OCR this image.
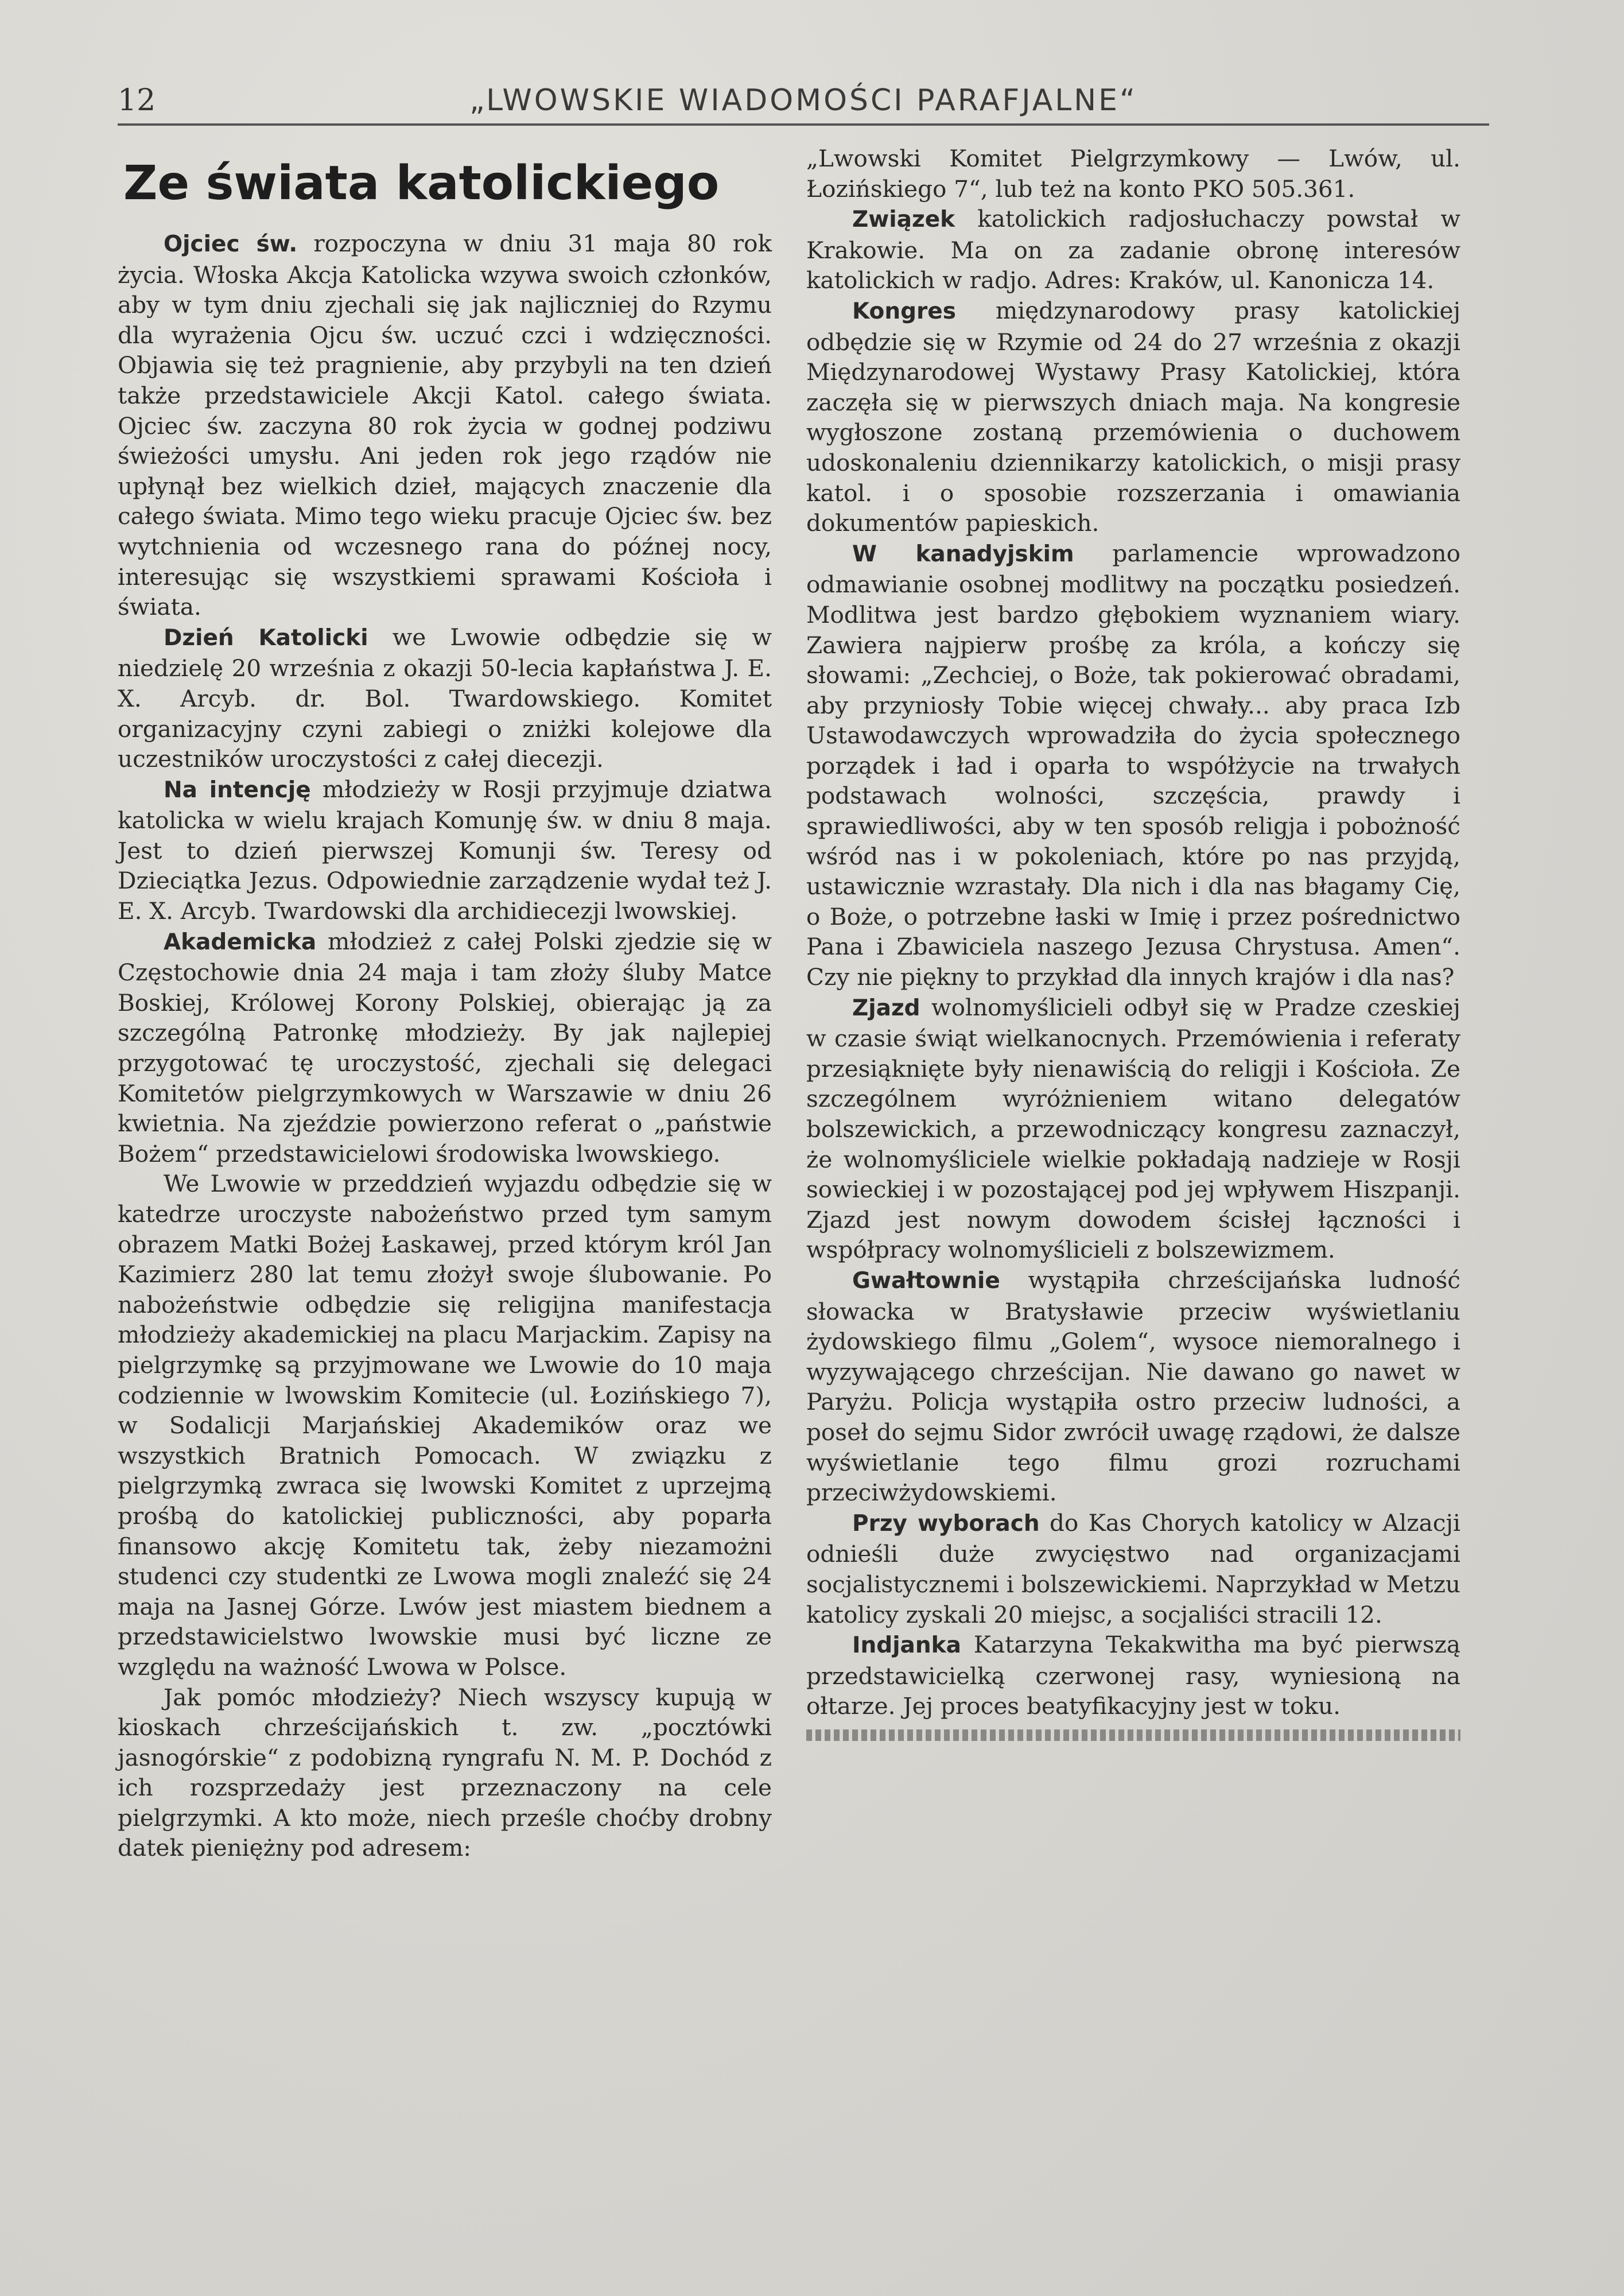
12	„LWOWSKIE WIADOMOŚCI PARAFJALNE“
Ze świata katolickiego

Ojciec św. rozpoczyna w dniu 31 maja 80 rok życia. Włoska Akcja Katolicka wzywa swoich członków, aby w tym dniu zjechali się jak najliczniej do Rzymu dla wyrażenia Ojcu św. uczuć czci i wdzięczności. Objawia się też pragnienie, aby przybyli na ten dzień także przedstawiciele Akcji Katol. całego świata. Ojciec św. zaczyna 80 rok życia w godnej podziwu świeżości umysłu. Ani jeden rok jego rządów nie upłynął bez wielkich dzieł, mających znaczenie dla całego świata. Mimo tego wieku pracuje Ojciec św. bez wytchnienia od wczesnego rana do późnej nocy, interesując się wszystkiemi sprawami Kościoła i świata.

Dzień Katolicki we Lwowie odbędzie się w niedzielę 20 września z okazji 50-lecia kapłaństwa J. E. X. Arcyb. dr. Bol. Twardowskiego. Komitet organizacyjny czyni zabiegi o zniżki kolejowe dla uczestników uroczystości z całej diecezji.

Na intencję młodzieży w Rosji przyjmuje dziatwa katolicka w wielu krajach Komunję św. w dniu 8 maja. Jest to dzień pierwszej Komunji św. Teresy od Dzieciątka Jezus. Odpowiednie zarządzenie wydał też J. E. X. Arcyb. Twardowski dla archidiecezji lwowskiej.

Akademicka młodzież z całej Polski zjedzie się w Częstochowie dnia 24 maja i tam złoży śluby Matce Boskiej, Królowej Korony Polskiej, obierając ją za szczególną Patronkę młodzieży. By jak najlepiej przygotować tę uroczystość, zjechali się delegaci Komitetów pielgrzymkowych w Warszawie w dniu 26 kwietnia. Na zjeździe powierzono referat o „państwie Bożem“ przedstawicielowi środowiska lwowskiego.

We Lwowie w przeddzień wyjazdu odbędzie się w katedrze uroczyste nabożeństwo przed tym samym obrazem Matki Bożej Łaskawej, przed którym król Jan Kazimierz 280 lat temu złożył swoje ślubowanie. Po nabożeństwie odbędzie się religijna manifestacja młodzieży akademickiej na placu Marjackim. Zapisy na pielgrzymkę są przyjmowane we Lwowie do 10 maja codziennie w lwowskim Komitecie (ul. Łozińskiego 7), w Sodalicji Marjańskiej Akademików oraz we wszystkich Bratnich Pomocach. W związku z pielgrzymką zwraca się lwowski Komitet z uprzejmą prośbą do katolickiej publiczności, aby poparła finansowo akcję Komitetu tak, żeby niezamożni studenci czy studentki ze Lwowa mogli znaleźć się 24 maja na Jasnej Górze. Lwów jest miastem biednem a przedstawicielstwo lwowskie musi być liczne ze względu na ważność Lwowa w Polsce.

Jak pomóc młodzieży? Niech wszyscy kupują w kioskach chrześcijańskich t. zw. „pocztówki jasnogórskie“ z podobizną ryngrafu N. M. P. Dochód z ich rozsprzedaży jest przeznaczony na cele pielgrzymki. A kto może, niech prześle choćby drobny datek pieniężny pod adresem:

„Lwowski Komitet Pielgrzymkowy — Lwów, ul. Łozińskiego 7“, lub też na konto PKO 505.361.

Związek katolickich radjosłuchaczy powstał w Krakowie. Ma on za zadanie obronę interesów katolickich w radjo. Adres: Kraków, ul. Kanonicza 14.

Kongres międzynarodowy prasy katolickiej odbędzie się w Rzymie od 24 do 27 września z okazji Międzynarodowej Wystawy Prasy Katolickiej, która zaczęła się w pierwszych dniach maja. Na kongresie wygłoszone zostaną przemówienia o duchowem udoskonaleniu dziennikarzy katolickich, o misji prasy katol. i o sposobie rozszerzania i omawiania dokumentów papieskich.

W kanadyjskim parlamencie wprowadzono odmawianie osobnej modlitwy na początku posiedzeń. Modlitwa jest bardzo głębokiem wyznaniem wiary. Zawiera najpierw prośbę za króla, a kończy się słowami: „Zechciej, o Boże, tak pokierować obradami, aby przyniosły Tobie więcej chwały... aby praca Izb Ustawodawczych wprowadziła do życia społecznego porządek i ład i oparła to współżycie na trwałych podstawach wolności, szczęścia, prawdy i sprawiedliwości, aby w ten sposób religja i pobożność wśród nas i w pokoleniach, które po nas przyjdą, ustawicznie wzrastały. Dla nich i dla nas błagamy Cię, o Boże, o potrzebne łaski w Imię i przez pośrednictwo Pana i Zbawiciela naszego Jezusa Chrystusa. Amen“. Czy nie piękny to przykład dla innych krajów i dla nas?

Zjazd wolnomyślicieli odbył się w Pradze czeskiej w czasie świąt wielkanocnych. Przemówienia i referaty przesiąknięte były nienawiścią do religji i Kościoła. Ze szczególnem wyróżnieniem witano delegatów bolszewickich, a przewodniczący kongresu zaznaczył, że wolnomyśliciele wielkie pokładają nadzieje w Rosji sowieckiej i w pozostającej pod jej wpływem Hiszpanji. Zjazd jest nowym dowodem ścisłej łączności i współpracy wolnomyślicieli z bolszewizmem.

Gwałtownie wystąpiła chrześcijańska ludność słowacka w Bratysławie przeciw wyświetlaniu żydowskiego filmu „Golem“, wysoce niemoralnego i wyzywającego chrześcijan. Nie dawano go nawet w Paryżu. Policja wystąpiła ostro przeciw ludności, a poseł do sejmu Sidor zwrócił uwagę rządowi, że dalsze wyświetlanie tego filmu grozi rozruchami przeciwżydowskiemi.

Przy wyborach do Kas Chorych katolicy w Alzacji odnieśli duże zwycięstwo nad organizacjami socjalistycznemi i bolszewickiemi. Naprzykład w Metzu katolicy zyskali 20 miejsc, a socjaliści stracili 12.

Indjanka Katarzyna Tekakwitha ma być pierwszą przedstawicielką czerwonej rasy, wyniesioną na ołtarze. Jej proces beatyfikacyjny jest w toku.
